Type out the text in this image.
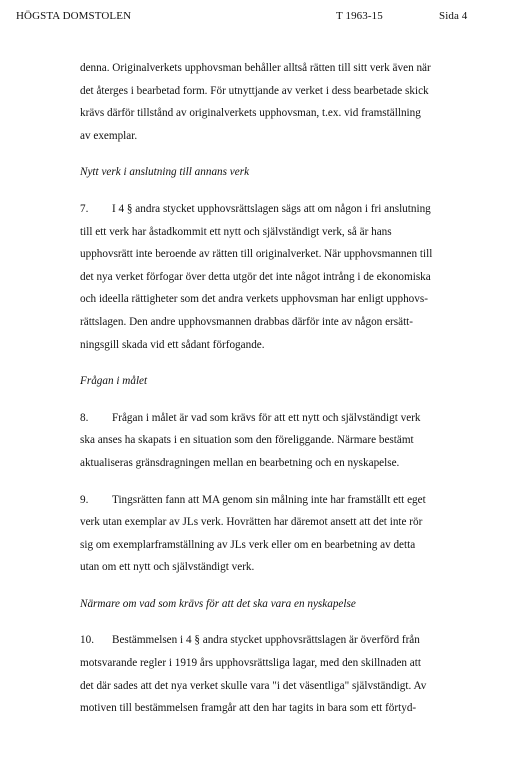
HÖGSTA DOMSTOLEN	T 1963-15	Sida 4

denna. Originalverkets upphovsman behåller alltså rätten till sitt verk även när
det återges i bearbetad form. För utnyttjande av verket i dess bearbetade skick
krävs därför tillstånd av originalverkets upphovsman, t.ex. vid framställning
av exemplar.

Nytt verk i anslutning till annans verk

7. I 4 § andra stycket upphovsrättslagen sägs att om någon i fri anslutning
till ett verk har åstadkommit ett nytt och självständigt verk, så är hans
upphovsrätt inte beroende av rätten till originalverket. När upphovsmannen till
det nya verket förfogar över detta utgör det inte något intrång i de ekonomiska
och ideella rättigheter som det andra verkets upphovsman har enligt upphovs-
rättslagen. Den andre upphovsmannen drabbas därför inte av någon ersätt-
ningsgill skada vid ett sådant förfogande.

Frågan i målet

8. Frågan i målet är vad som krävs för att ett nytt och självständigt verk
ska anses ha skapats i en situation som den föreliggande. Närmare bestämt
aktualiseras gränsdragningen mellan en bearbetning och en nyskapelse.

9. Tingsrätten fann att MA genom sin målning inte har framställt ett eget
verk utan exemplar av JLs verk. Hovrätten har däremot ansett att det inte rör
sig om exemplarframställning av JLs verk eller om en bearbetning av detta
utan om ett nytt och självständigt verk.

Närmare om vad som krävs för att det ska vara en nyskapelse

10. Bestämmelsen i 4 § andra stycket upphovsrättslagen är överförd från
motsvarande regler i 1919 års upphovsrättsliga lagar, med den skillnaden att
det där sades att det nya verket skulle vara "i det väsentliga" självständigt. Av
motiven till bestämmelsen framgår att den har tagits in bara som ett förtyd-
